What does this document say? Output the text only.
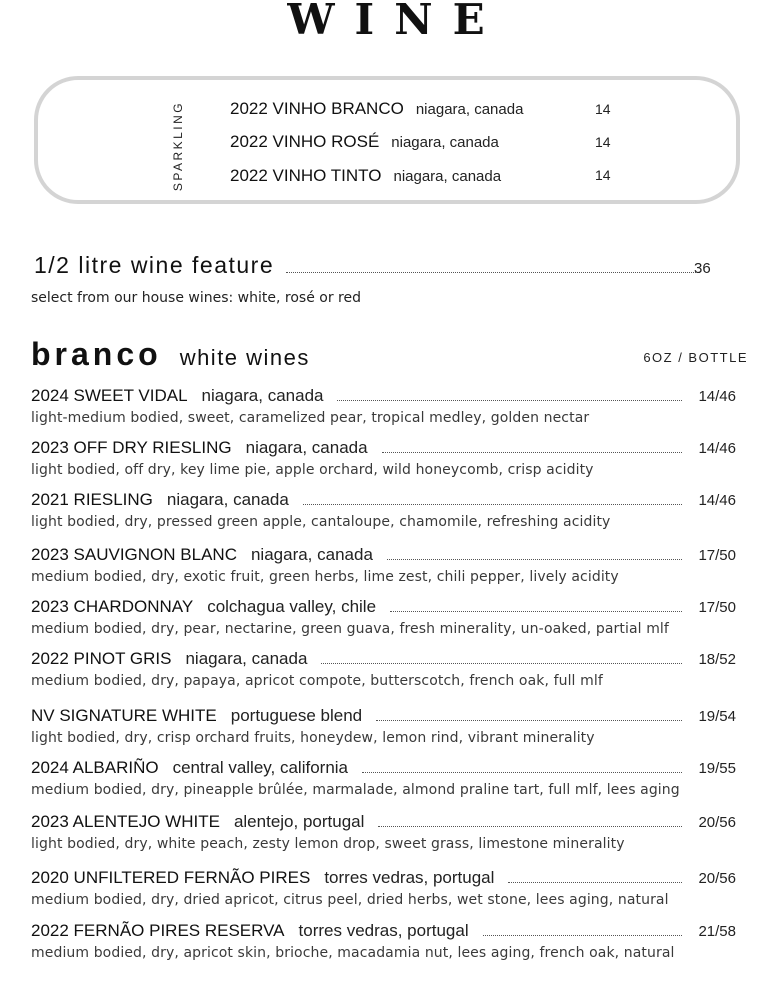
WINE
SPARKLING	2022 VINHO BRANCO niagara, canada	14
2022 VINHO ROSÉ niagara, canada	14
2022 VINHO TINTO niagara, canada	14
1/2 litre wine feature	36
select from our house wines: white, rosé or red
branco white wines	6OZ / BOTTLE
2024 SWEET VIDAL niagara, canada	14/46
light-medium bodied, sweet, caramelized pear, tropical medley, golden nectar
2023 OFF DRY RIESLING niagara, canada	14/46
light bodied, off dry, key lime pie, apple orchard, wild honeycomb, crisp acidity
2021 RIESLING niagara, canada	14/46
light bodied, dry, pressed green apple, cantaloupe, chamomile, refreshing acidity
2023 SAUVIGNON BLANC niagara, canada	17/50
medium bodied, dry, exotic fruit, green herbs, lime zest, chili pepper, lively acidity
2023 CHARDONNAY colchagua valley, chile	17/50
medium bodied, dry, pear, nectarine, green guava, fresh minerality, un-oaked, partial mlf
2022 PINOT GRIS niagara, canada	18/52
medium bodied, dry, papaya, apricot compote, butterscotch, french oak, full mlf
NV SIGNATURE WHITE portuguese blend	19/54
light bodied, dry, crisp orchard fruits, honeydew, lemon rind, vibrant minerality
2024 ALBARIÑO central valley, california	19/55
medium bodied, dry, pineapple brûlée, marmalade, almond praline tart, full mlf, lees aging
2023 ALENTEJO WHITE alentejo, portugal	20/56
light bodied, dry, white peach, zesty lemon drop, sweet grass, limestone minerality
2020 UNFILTERED FERNÃO PIRES torres vedras, portugal	20/56
medium bodied, dry, dried apricot, citrus peel, dried herbs, wet stone, lees aging, natural
2022 FERNÃO PIRES RESERVA torres vedras, portugal	21/58
medium bodied, dry, apricot skin, brioche, macadamia nut, lees aging, french oak, natural
